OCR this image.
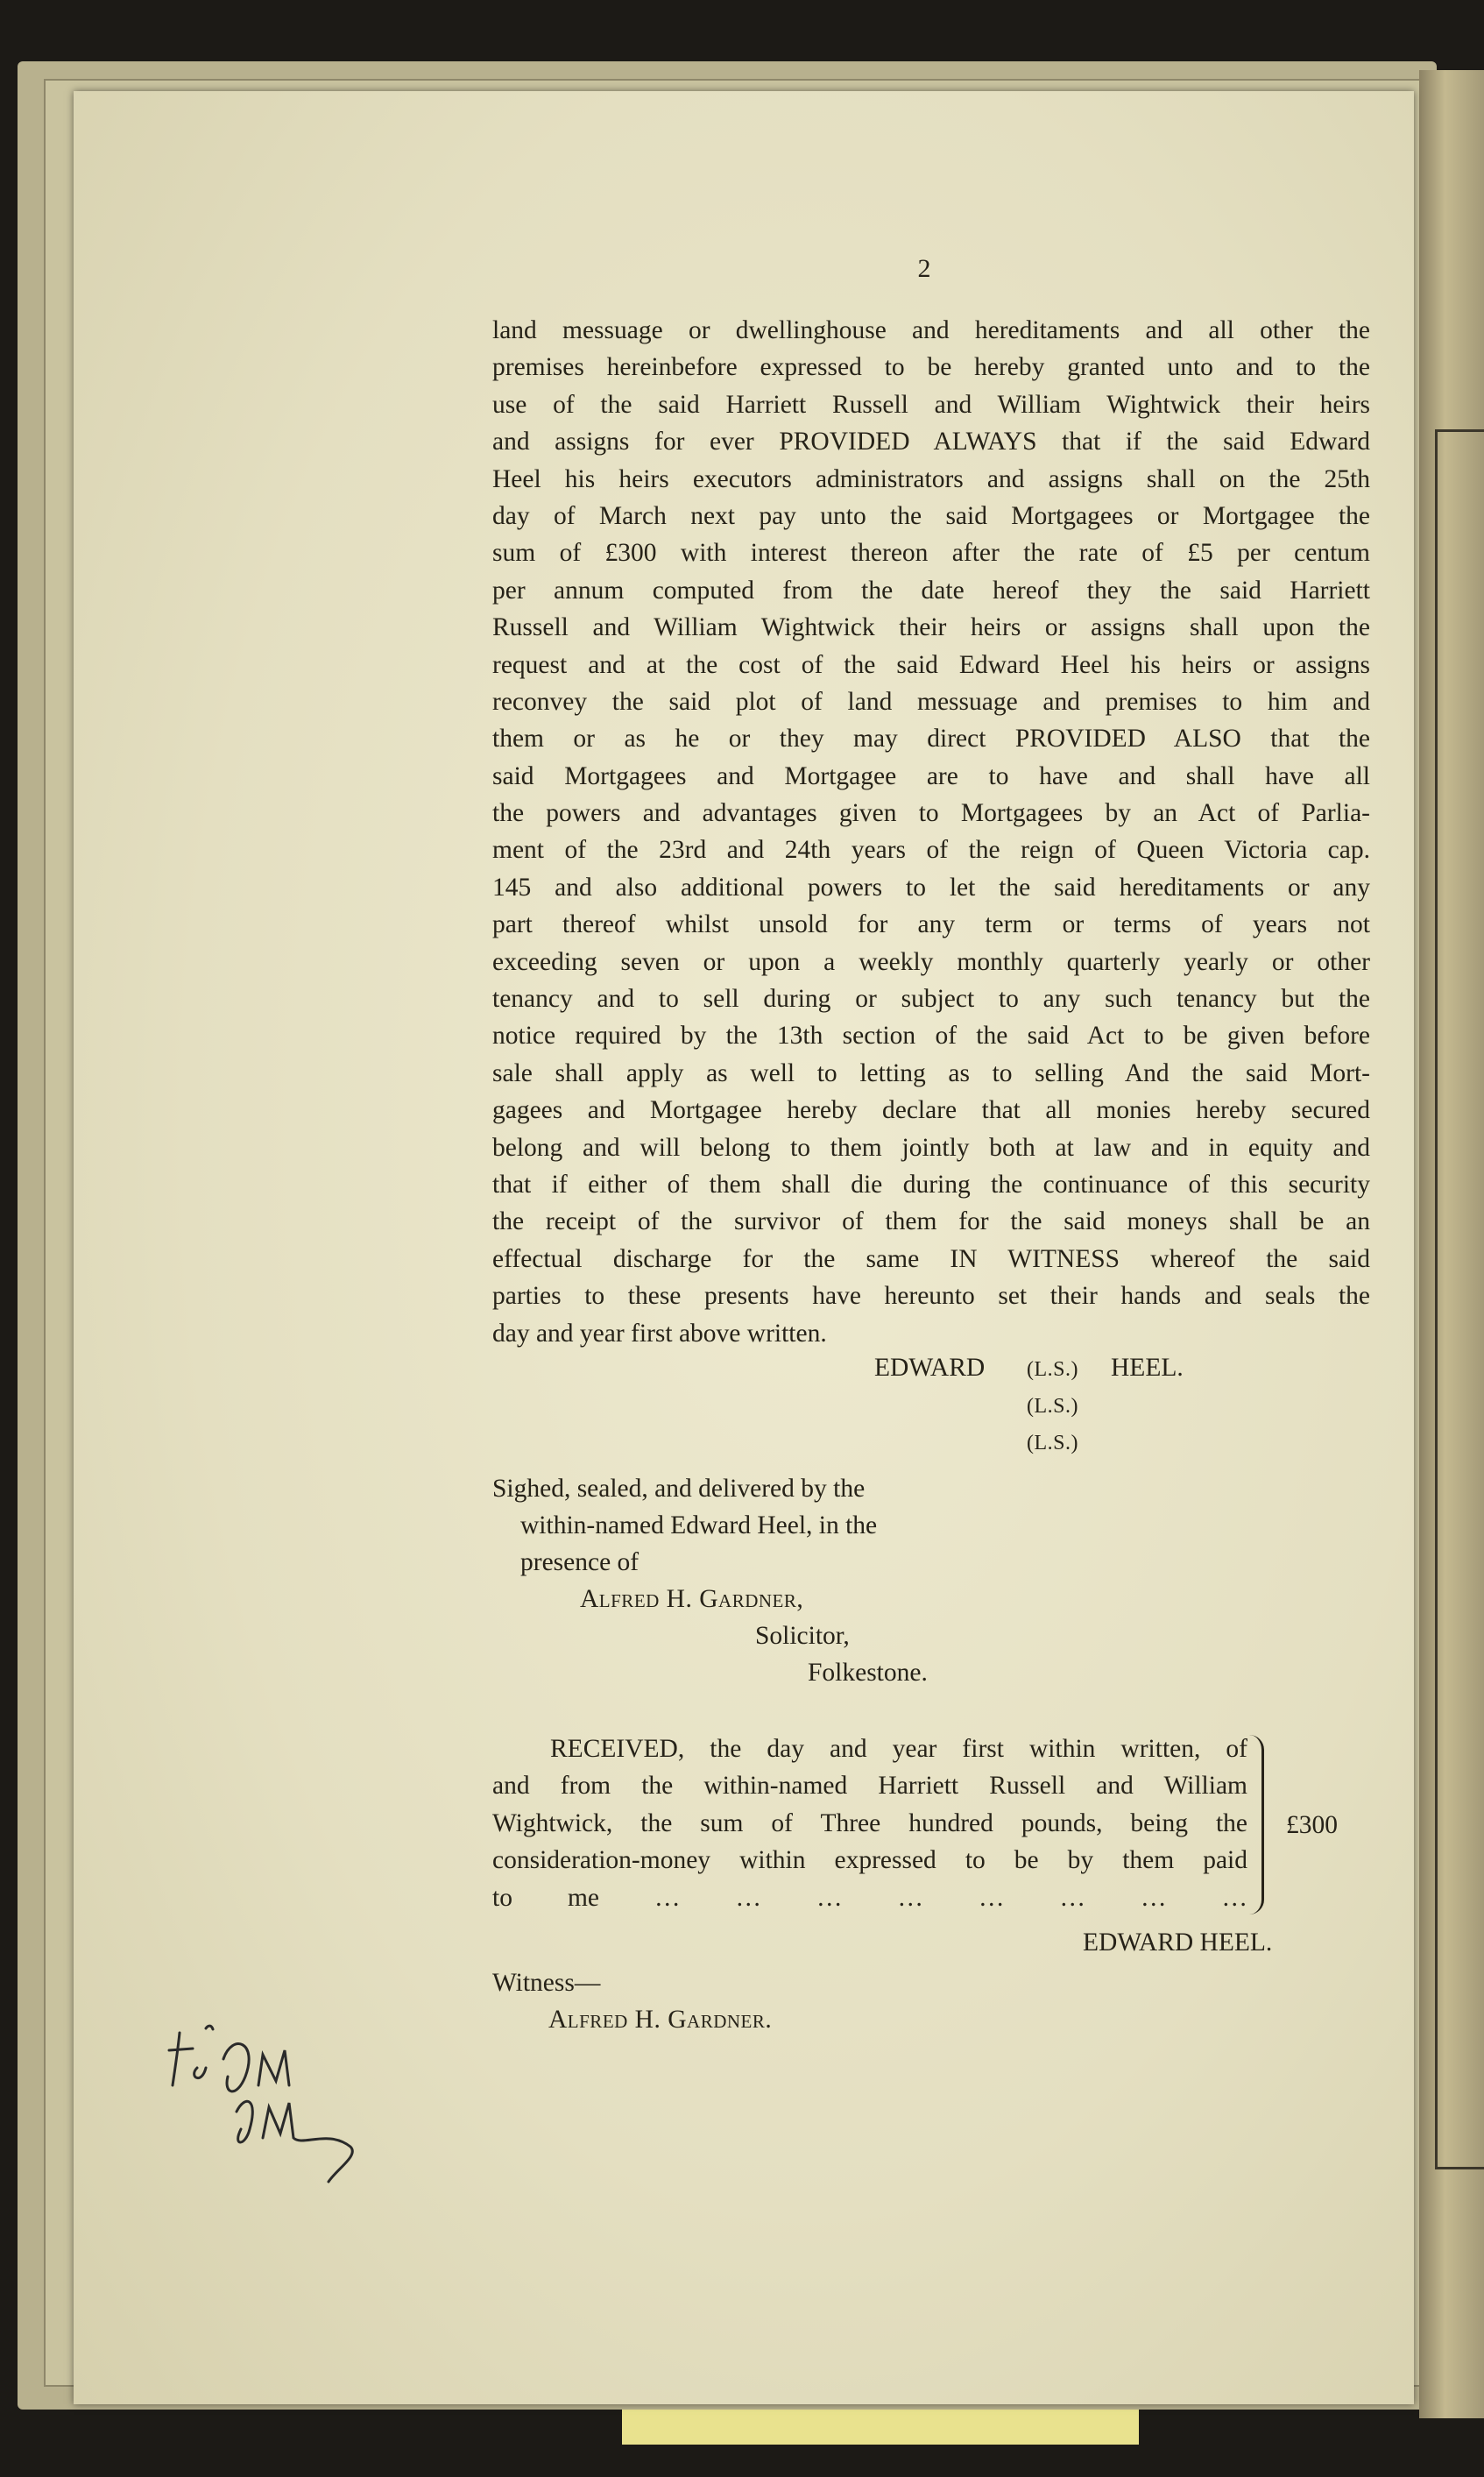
2
land messuage or dwellinghouse and hereditaments and all other the
premises hereinbefore expressed to be hereby granted unto and to the
use of the said Harriett Russell and William Wightwick their heirs
and assigns for ever PROVIDED ALWAYS that if the said Edward
Heel his heirs executors administrators and assigns shall on the 25th
day of March next pay unto the said Mortgagees or Mortgagee the
sum of £300 with interest thereon after the rate of £5 per centum
per annum computed from the date hereof they the said Harriett
Russell and William Wightwick their heirs or assigns shall upon the
request and at the cost of the said Edward Heel his heirs or assigns
reconvey the said plot of land messuage and premises to him and
them or as he or they may direct PROVIDED ALSO that the
said Mortgagees and Mortgagee are to have and shall have all
the powers and advantages given to Mortgagees by an Act of Parlia-
ment of the 23rd and 24th years of the reign of Queen Victoria cap.
145 and also additional powers to let the said hereditaments or any
part thereof whilst unsold for any term or terms of years not
exceeding seven or upon a weekly monthly quarterly yearly or other
tenancy and to sell during or subject to any such tenancy but the
notice required by the 13th section of the said Act to be given before
sale shall apply as well to letting as to selling And the said Mort-
gagees and Mortgagee hereby declare that all monies hereby secured
belong and will belong to them jointly both at law and in equity and
that if either of them shall die during the continuance of this security
the receipt of the survivor of them for the said moneys shall be an
effectual discharge for the same IN WITNESS whereof the said
parties to these presents have hereunto set their hands and seals the
day and year first above written.
EDWARD (L.S.) HEEL.
(L.S.)
(L.S.)
Sighed, sealed, and delivered by the
within-named Edward Heel, in the
presence of
Alfred H. Gardner,
Solicitor,
Folkestone.
RECEIVED, the day and year first within written, of
and from the within-named Harriett Russell and William
Wightwick, the sum of Three hundred pounds, being the
consideration-money within expressed to be by them paid
to me … … … … … … … …
£300
EDWARD HEEL.
Witness—
Alfred H. Gardner.
